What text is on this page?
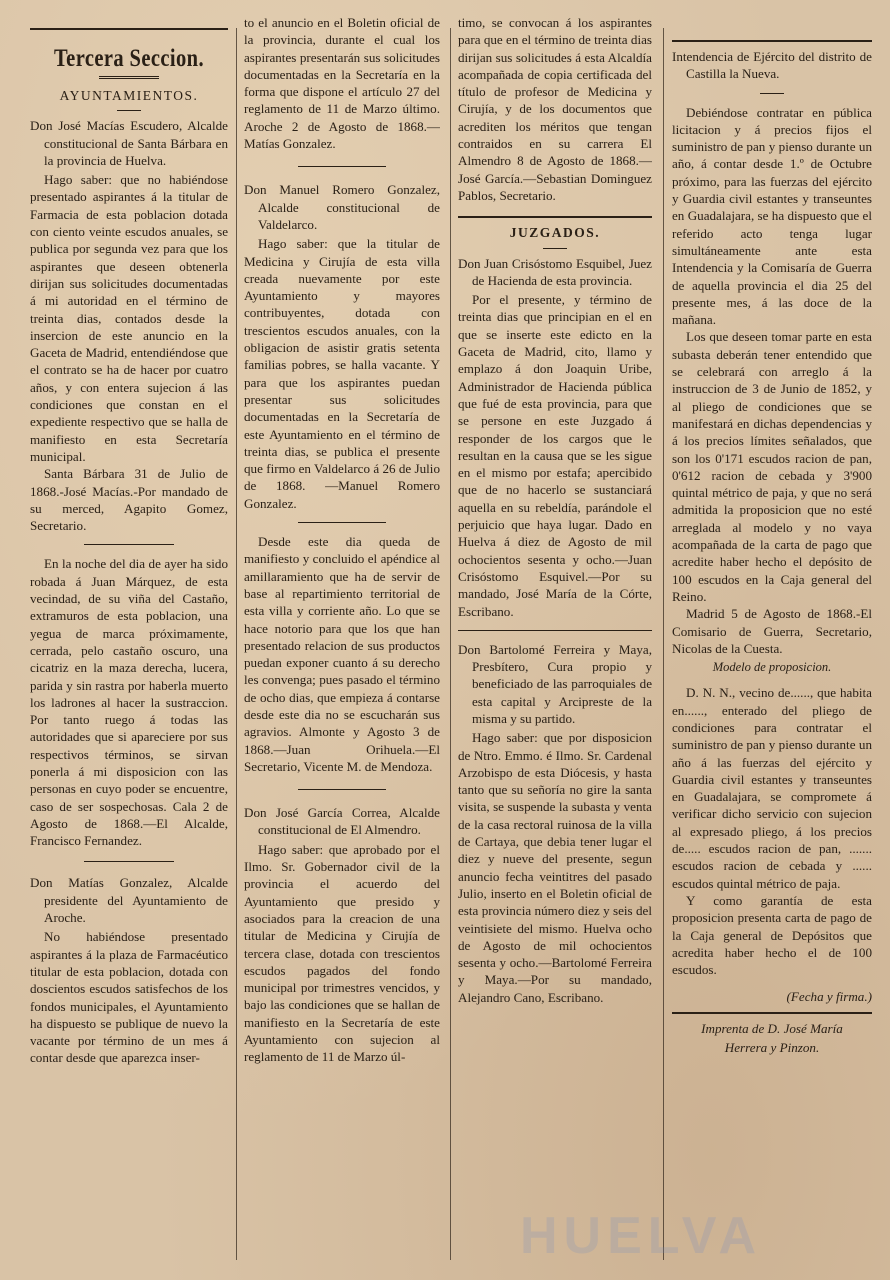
Tercera Seccion.
AYUNTAMIENTOS.

Don José Macías Escudero, Alcalde constitucional de Santa Bárbara en la provincia de Huelva.

Hago saber: que no habiéndose presentado aspirantes á la titular de Farmacia de esta poblacion dotada con ciento veinte escudos anuales, se publica por segunda vez para que los aspirantes que deseen obtenerla dirijan sus solicitudes documentadas á mi autoridad en el término de treinta dias, contados desde la insercion de este anuncio en la Gaceta de Madrid, entendiéndose que el contrato se ha de hacer por cuatro años, y con entera sujecion á las condiciones que constan en el expediente respectivo que se halla de manifiesto en esta Secretaría municipal.

Santa Bárbara 31 de Julio de 1868.-José Macías.-Por mandado de su merced, Agapito Gomez, Secretario.

En la noche del dia de ayer ha sido robada á Juan Márquez, de esta vecindad, de su viña del Castaño, extramuros de esta poblacion, una yegua de marca próximamente, cerrada, pelo castaño oscuro, una cicatriz en la maza derecha, lucera, parida y sin rastra por haberla muerto los ladrones al hacer la sustraccion. Por tanto ruego á todas las autoridades que si apareciere por sus respectivos términos, se sirvan ponerla á mi disposicion con las personas en cuyo poder se encuentre, caso de ser sospechosas. Cala 2 de Agosto de 1868.—El Alcalde, Francisco Fernandez.

Don Matías Gonzalez, Alcalde presidente del Ayuntamiento de Aroche.

No habiéndose presentado aspirantes á la plaza de Farmacéutico titular de esta poblacion, dotada con doscientos escudos satisfechos de los fondos municipales, el Ayuntamiento ha dispuesto se publique de nuevo la vacante por término de un mes á contar desde que aparezca inser-

to el anuncio en el Boletin oficial de la provincia, durante el cual los aspirantes presentarán sus solicitudes documentadas en la Secretaría en la forma que dispone el artículo 27 del reglamento de 11 de Marzo último. Aroche 2 de Agosto de 1868.—Matías Gonzalez.

Don Manuel Romero Gonzalez, Alcalde constitucional de Valdelarco.

Hago saber: que la titular de Medicina y Cirujía de esta villa creada nuevamente por este Ayuntamiento y mayores contribuyentes, dotada con trescientos escudos anuales, con la obligacion de asistir gratis setenta familias pobres, se halla vacante. Y para que los aspirantes puedan presentar sus solicitudes documentadas en la Secretaría de este Ayuntamiento en el término de treinta dias, se publica el presente que firmo en Valdelarco á 26 de Julio de 1868. —Manuel Romero Gonzalez.

Desde este dia queda de manifiesto y concluido el apéndice al amillaramiento que ha de servir de base al repartimiento territorial de esta villa y corriente año. Lo que se hace notorio para que los que han presentado relacion de sus productos puedan exponer cuanto á su derecho les convenga; pues pasado el término de ocho dias, que empieza á contarse desde este dia no se escucharán sus agravios. Almonte y Agosto 3 de 1868.—Juan Orihuela.—El Secretario, Vicente M. de Mendoza.

Don José García Correa, Alcalde constitucional de El Almendro.

Hago saber: que aprobado por el Ilmo. Sr. Gobernador civil de la provincia el acuerdo del Ayuntamiento que presido y asociados para la creacion de una titular de Medicina y Cirujía de tercera clase, dotada con trescientos escudos pagados del fondo municipal por trimestres vencidos, y bajo las condiciones que se hallan de manifiesto en la Secretaría de este Ayuntamiento con sujecion al reglamento de 11 de Marzo úl-

timo, se convocan á los aspirantes para que en el término de treinta dias dirijan sus solicitudes á esta Alcaldía acompañada de copia certificada del título de profesor de Medicina y Cirujía, y de los documentos que acrediten los méritos que tengan contraidos en su carrera El Almendro 8 de Agosto de 1868.—José García.—Sebastian Dominguez Pablos, Secretario.

JUZGADOS.

Don Juan Crisóstomo Esquibel, Juez de Hacienda de esta provincia.

Por el presente, y término de treinta dias que principian en el en que se inserte este edicto en la Gaceta de Madrid, cito, llamo y emplazo á don Joaquin Uribe, Administrador de Hacienda pública que fué de esta provincia, para que se persone en este Juzgado á responder de los cargos que le resultan en la causa que se les sigue en el mismo por estafa; apercibido que de no hacerlo se sustanciará aquella en su rebeldía, parándole el perjuicio que haya lugar. Dado en Huelva á diez de Agosto de mil ochocientos sesenta y ocho.—Juan Crisóstomo Esquivel.—Por su mandado, José María de la Córte, Escribano.

Don Bartolomé Ferreira y Maya, Presbítero, Cura propio y beneficiado de las parroquiales de esta capital y Arcipreste de la misma y su partido.

Hago saber: que por disposicion de Ntro. Emmo. é Ilmo. Sr. Cardenal Arzobispo de esta Diócesis, y hasta tanto que su señoría no gire la santa visita, se suspende la subasta y venta de la casa rectoral ruinosa de la villa de Cartaya, que debia tener lugar el diez y nueve del presente, segun anuncio fecha veintitres del pasado Julio, inserto en el Boletin oficial de esta provincia número diez y seis del veintisiete del mismo. Huelva ocho de Agosto de mil ochocientos sesenta y ocho.—Bartolomé Ferreira y Maya.—Por su mandado, Alejandro Cano, Escribano.

Intendencia de Ejército del distrito de Castilla la Nueva.

Debiéndose contratar en pública licitacion y á precios fijos el suministro de pan y pienso durante un año, á contar desde 1.º de Octubre próximo, para las fuerzas del ejército y Guardia civil estantes y transeuntes en Guadalajara, se ha dispuesto que el referido acto tenga lugar simultáneamente ante esta Intendencia y la Comisaría de Guerra de aquella provincia el dia 25 del presente mes, á las doce de la mañana.

Los que deseen tomar parte en esta subasta deberán tener entendido que se celebrará con arreglo á la instruccion de 3 de Junio de 1852, y al pliego de condiciones que se manifestará en dichas dependencias y á los precios límites señalados, que son los 0'171 escudos racion de pan, 0'612 racion de cebada y 3'900 quintal métrico de paja, y que no será admitida la proposicion que no esté arreglada al modelo y no vaya acompañada de la carta de pago que acredite haber hecho el depósito de 100 escudos en la Caja general del Reino.

Madrid 5 de Agosto de 1868.-El Comisario de Guerra, Secretario, Nicolas de la Cuesta.

Modelo de proposicion.

D. N. N., vecino de......, que habita en......, enterado del pliego de condiciones para contratar el suministro de pan y pienso durante un año á las fuerzas del ejército y Guardia civil estantes y transeuntes en Guadalajara, se compromete á verificar dicho servicio con sujecion al expresado pliego, á los precios de..... escudos racion de pan, ....... escudos racion de cebada y ...... escudos quintal métrico de paja.

Y como garantía de esta proposicion presenta carta de pago de la Caja general de Depósitos que acredita haber hecho el de 100 escudos.

(Fecha y firma.)

Imprenta de D. José María

Herrera y Pinzon.

HUELVA
